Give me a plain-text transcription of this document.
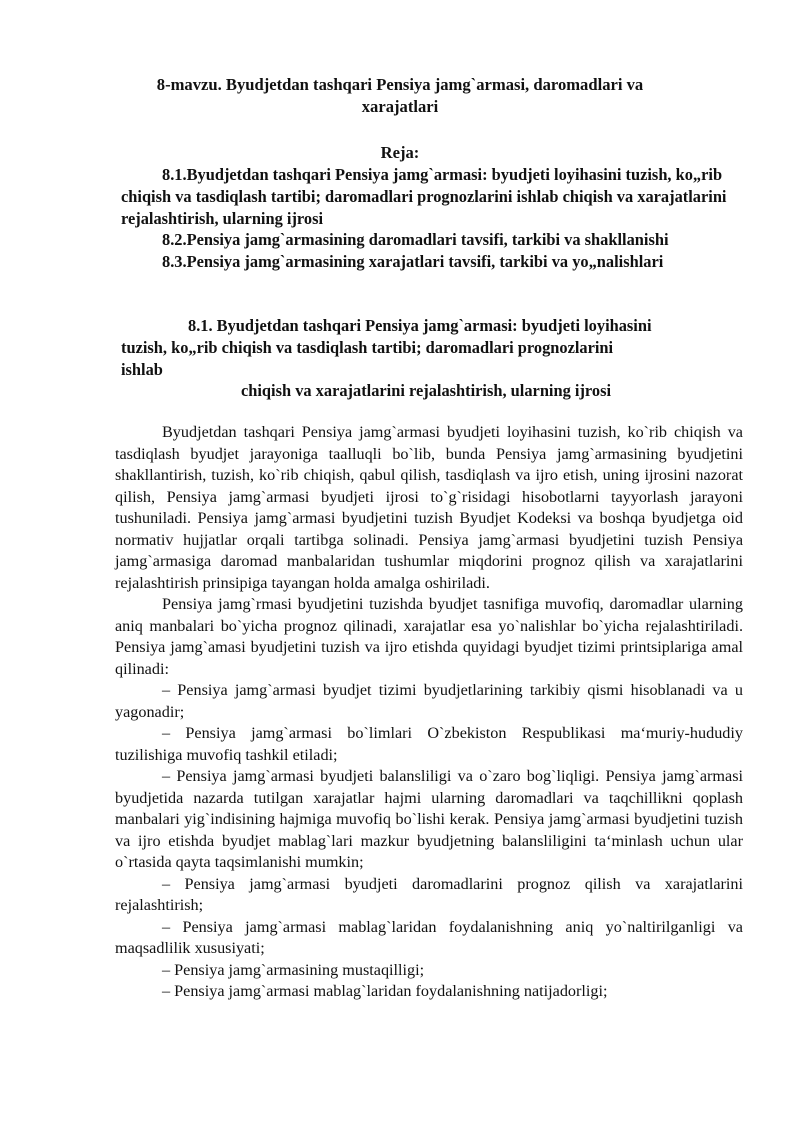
8-mavzu. Byudjetdan tashqari Pensiya jamg`armasi, daromadlari va
xarajatlari
Reja:

8.1.Byudjetdan tashqari Pensiya jamg`armasi: byudjeti loyihasini tuzish, ko„rib chiqish va tasdiqlash tartibi; daromadlari prognozlarini ishlab chiqish va xarajatlarini rejalashtirish, ularning ijrosi

8.2.Pensiya jamg`armasining daromadlari tavsifi, tarkibi va shakllanishi

8.3.Pensiya jamg`armasining xarajatlari tavsifi, tarkibi va yo„nalishlari

8.1. Byudjetdan tashqari Pensiya jamg`armasi: byudjeti loyihasini

tuzish, ko„rib chiqish va tasdiqlash tartibi; daromadlari prognozlarini

ishlab

chiqish va xarajatlarini rejalashtirish, ularning ijrosi

Byudjetdan tashqari Pensiya jamg`armasi byudjeti loyihasini tuzish, ko`rib chiqish va tasdiqlash byudjet jarayoniga taalluqli bo`lib, bunda Pensiya jamg`armasining byudjetini shakllantirish, tuzish, ko`rib chiqish, qabul qilish, tasdiqlash va ijro etish, uning ijrosini nazorat qilish, Pensiya jamg`armasi byudjeti ijrosi to`g`risidagi hisobotlarni tayyorlash jarayoni tushuniladi. Pensiya jamg`armasi byudjetini tuzish Byudjet Kodeksi va boshqa byudjetga oid normativ hujjatlar orqali tartibga solinadi. Pensiya jamg`armasi byudjetini tuzish Pensiya jamg`armasiga daromad manbalaridan tushumlar miqdorini prognoz qilish va xarajatlarini rejalashtirish prinsipiga tayangan holda amalga oshiriladi.

Pensiya jamg`rmasi byudjetini tuzishda byudjet tasnifiga muvofiq, daromadlar ularning aniq manbalari bo`yicha prognoz qilinadi, xarajatlar esa yo`nalishlar bo`yicha rejalashtiriladi. Pensiya jamg`amasi byudjetini tuzish va ijro etishda quyidagi byudjet tizimi printsiplariga amal qilinadi:

– Pensiya jamg`armasi byudjet tizimi byudjetlarining tarkibiy qismi hisoblanadi va u yagonadir;

– Pensiya jamg`armasi bo`limlari O`zbekiston Respublikasi ma‘muriy-hududiy tuzilishiga muvofiq tashkil etiladi;

– Pensiya jamg`armasi byudjeti balansliligi va o`zaro bog`liqligi. Pensiya jamg`armasi byudjetida nazarda tutilgan xarajatlar hajmi ularning daromadlari va taqchillikni qoplash manbalari yig`indisining hajmiga muvofiq bo`lishi kerak. Pensiya jamg`armasi byudjetini tuzish va ijro etishda byudjet mablag`lari mazkur byudjetning balansliligini ta‘minlash uchun ular o`rtasida qayta taqsimlanishi mumkin;

– Pensiya jamg`armasi byudjeti daromadlarini prognoz qilish va xarajatlarini rejalashtirish;

– Pensiya jamg`armasi mablag`laridan foydalanishning aniq yo`naltirilganligi va maqsadlilik xususiyati;

– Pensiya jamg`armasining mustaqilligi;

– Pensiya jamg`armasi mablag`laridan foydalanishning natijadorligi;
